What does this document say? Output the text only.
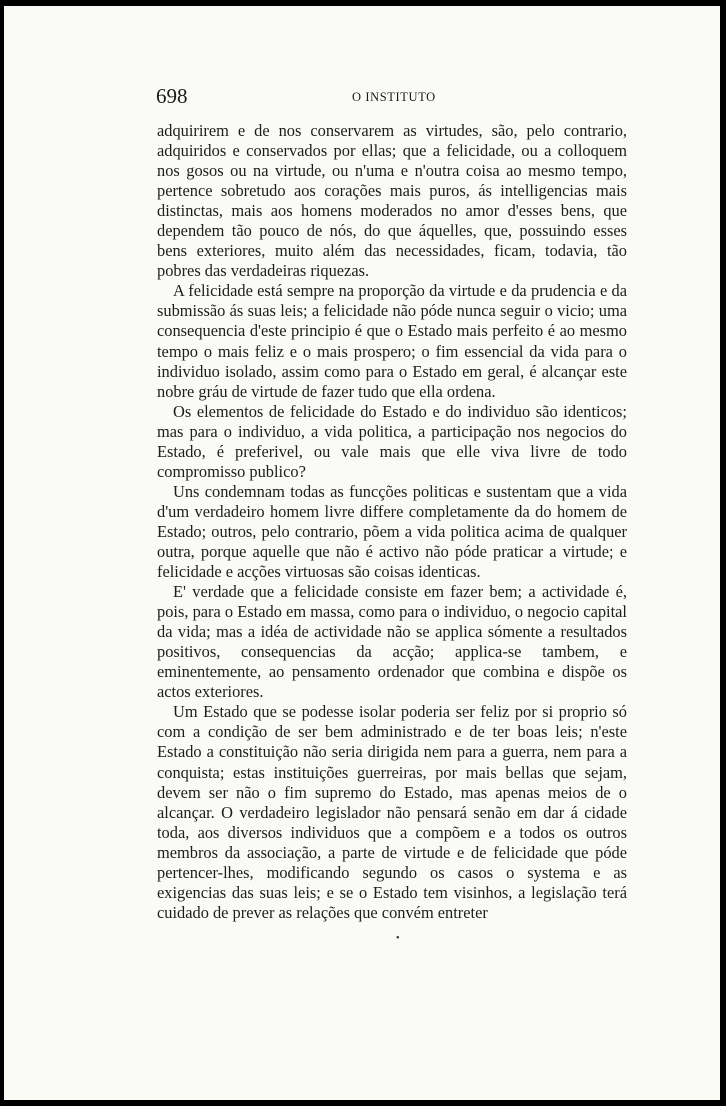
698	O INSTITUTO

adquirirem e de nos conservarem as virtudes, são, pelo contrario, adquiridos e conservados por ellas; que a felicidade, ou a colloquem nos gosos ou na virtude, ou n'uma e n'outra coisa ao mesmo tempo, pertence sobretudo aos corações mais puros, ás intelligencias mais distinctas, mais aos homens moderados no amor d'esses bens, que dependem tão pouco de nós, do que áquelles, que, possuindo esses bens exteriores, muito além das necessidades, ficam, todavia, tão pobres das verdadeiras riquezas.

A felicidade está sempre na proporção da virtude e da prudencia e da submissão ás suas leis; a felicidade não póde nunca seguir o vicio; uma consequencia d'este principio é que o Estado mais perfeito é ao mesmo tempo o mais feliz e o mais prospero; o fim essencial da vida para o individuo isolado, assim como para o Estado em geral, é alcançar este nobre gráu de virtude de fazer tudo que ella ordena.

Os elementos de felicidade do Estado e do individuo são identicos; mas para o individuo, a vida politica, a participação nos negocios do Estado, é preferivel, ou vale mais que elle viva livre de todo compromisso publico?

Uns condemnam todas as funcções politicas e sustentam que a vida d'um verdadeiro homem livre differe completamente da do homem de Estado; outros, pelo contrario, põem a vida politica acima de qualquer outra, porque aquelle que não é activo não póde praticar a virtude; e felicidade e acções virtuosas são coisas identicas.

E' verdade que a felicidade consiste em fazer bem; a actividade é, pois, para o Estado em massa, como para o individuo, o negocio capital da vida; mas a idéa de actividade não se applica sómente a resultados positivos, consequencias da acção; applica-se tambem, e eminentemente, ao pensamento ordenador que combina e dispõe os actos exteriores.

Um Estado que se podesse isolar poderia ser feliz por si proprio só com a condição de ser bem administrado e de ter boas leis; n'este Estado a constituição não seria dirigida nem para a guerra, nem para a conquista; estas instituições guerreiras, por mais bellas que sejam, devem ser não o fim supremo do Estado, mas apenas meios de o alcançar. O verdadeiro legislador não pensará senão em dar á cidade toda, aos diversos individuos que a compõem e a todos os outros membros da associação, a parte de virtude e de felicidade que póde pertencer-lhes, modificando segundo os casos o systema e as exigencias das suas leis; e se o Estado tem visinhos, a legislação terá cuidado de prever as relações que convém entreter

•
